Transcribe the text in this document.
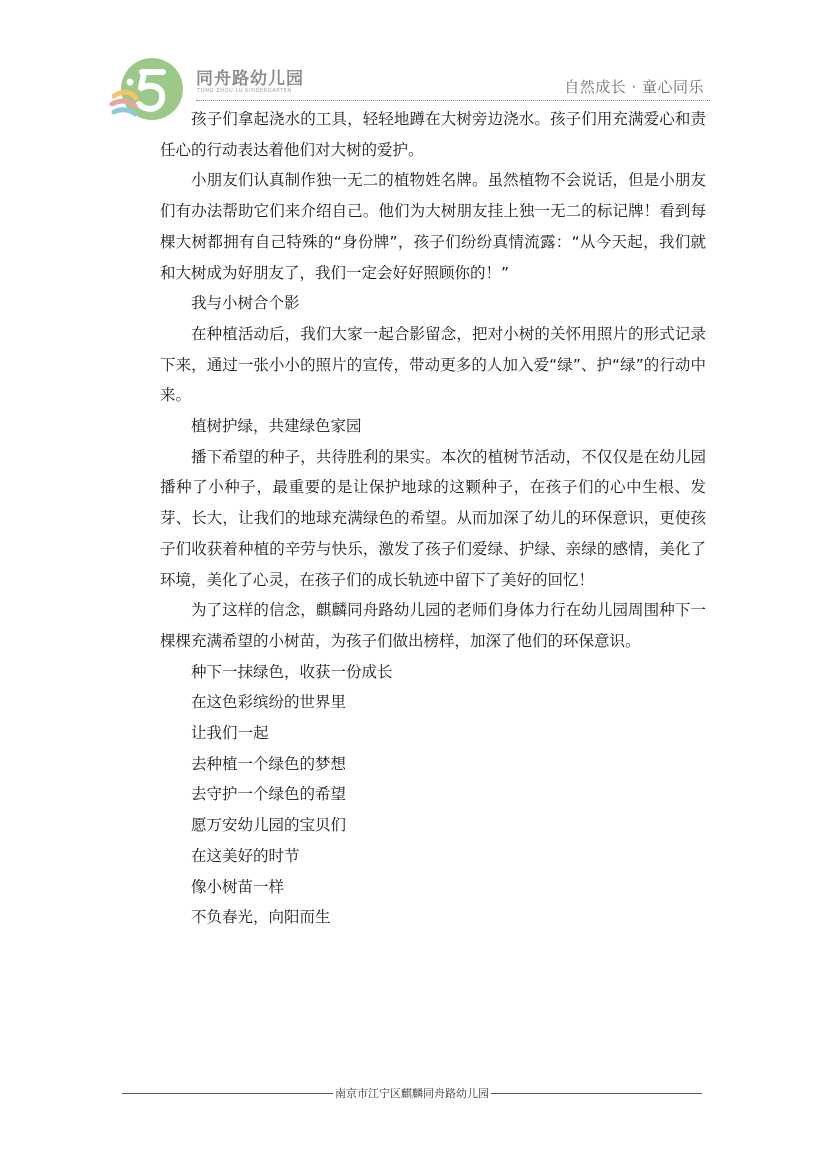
同舟路幼儿园
TONG ZHOU LU KINDERGARTEN	自然成长 · 童心同乐

孩子们拿起浇水的工具，轻轻地蹲在大树旁边浇水。孩子们用充满爱心和责任心的行动表达着他们对大树的爱护。

小朋友们认真制作独一无二的植物姓名牌。虽然植物不会说话，但是小朋友们有办法帮助它们来介绍自己。他们为大树朋友挂上独一无二的标记牌！看到每棵大树都拥有自己特殊的“身份牌”，孩子们纷纷真情流露：“从今天起，我们就和大树成为好朋友了，我们一定会好好照顾你的！”

我与小树合个影

在种植活动后，我们大家一起合影留念，把对小树的关怀用照片的形式记录下来，通过一张小小的照片的宣传，带动更多的人加入爱“绿”、护“绿”的行动中来。

植树护绿，共建绿色家园

播下希望的种子，共待胜利的果实。本次的植树节活动，不仅仅是在幼儿园播种了小种子，最重要的是让保护地球的这颗种子，在孩子们的心中生根、发芽、长大，让我们的地球充满绿色的希望。从而加深了幼儿的环保意识，更使孩子们收获着种植的辛劳与快乐，激发了孩子们爱绿、护绿、亲绿的感情，美化了环境，美化了心灵，在孩子们的成长轨迹中留下了美好的回忆！

为了这样的信念，麒麟同舟路幼儿园的老师们身体力行在幼儿园周围种下一棵棵充满希望的小树苗，为孩子们做出榜样，加深了他们的环保意识。

种下一抹绿色，收获一份成长

在这色彩缤纷的世界里

让我们一起

去种植一个绿色的梦想

去守护一个绿色的希望

愿万安幼儿园的宝贝们

在这美好的时节

像小树苗一样

不负春光，向阳而生

南京市江宁区麒麟同舟路幼儿园
